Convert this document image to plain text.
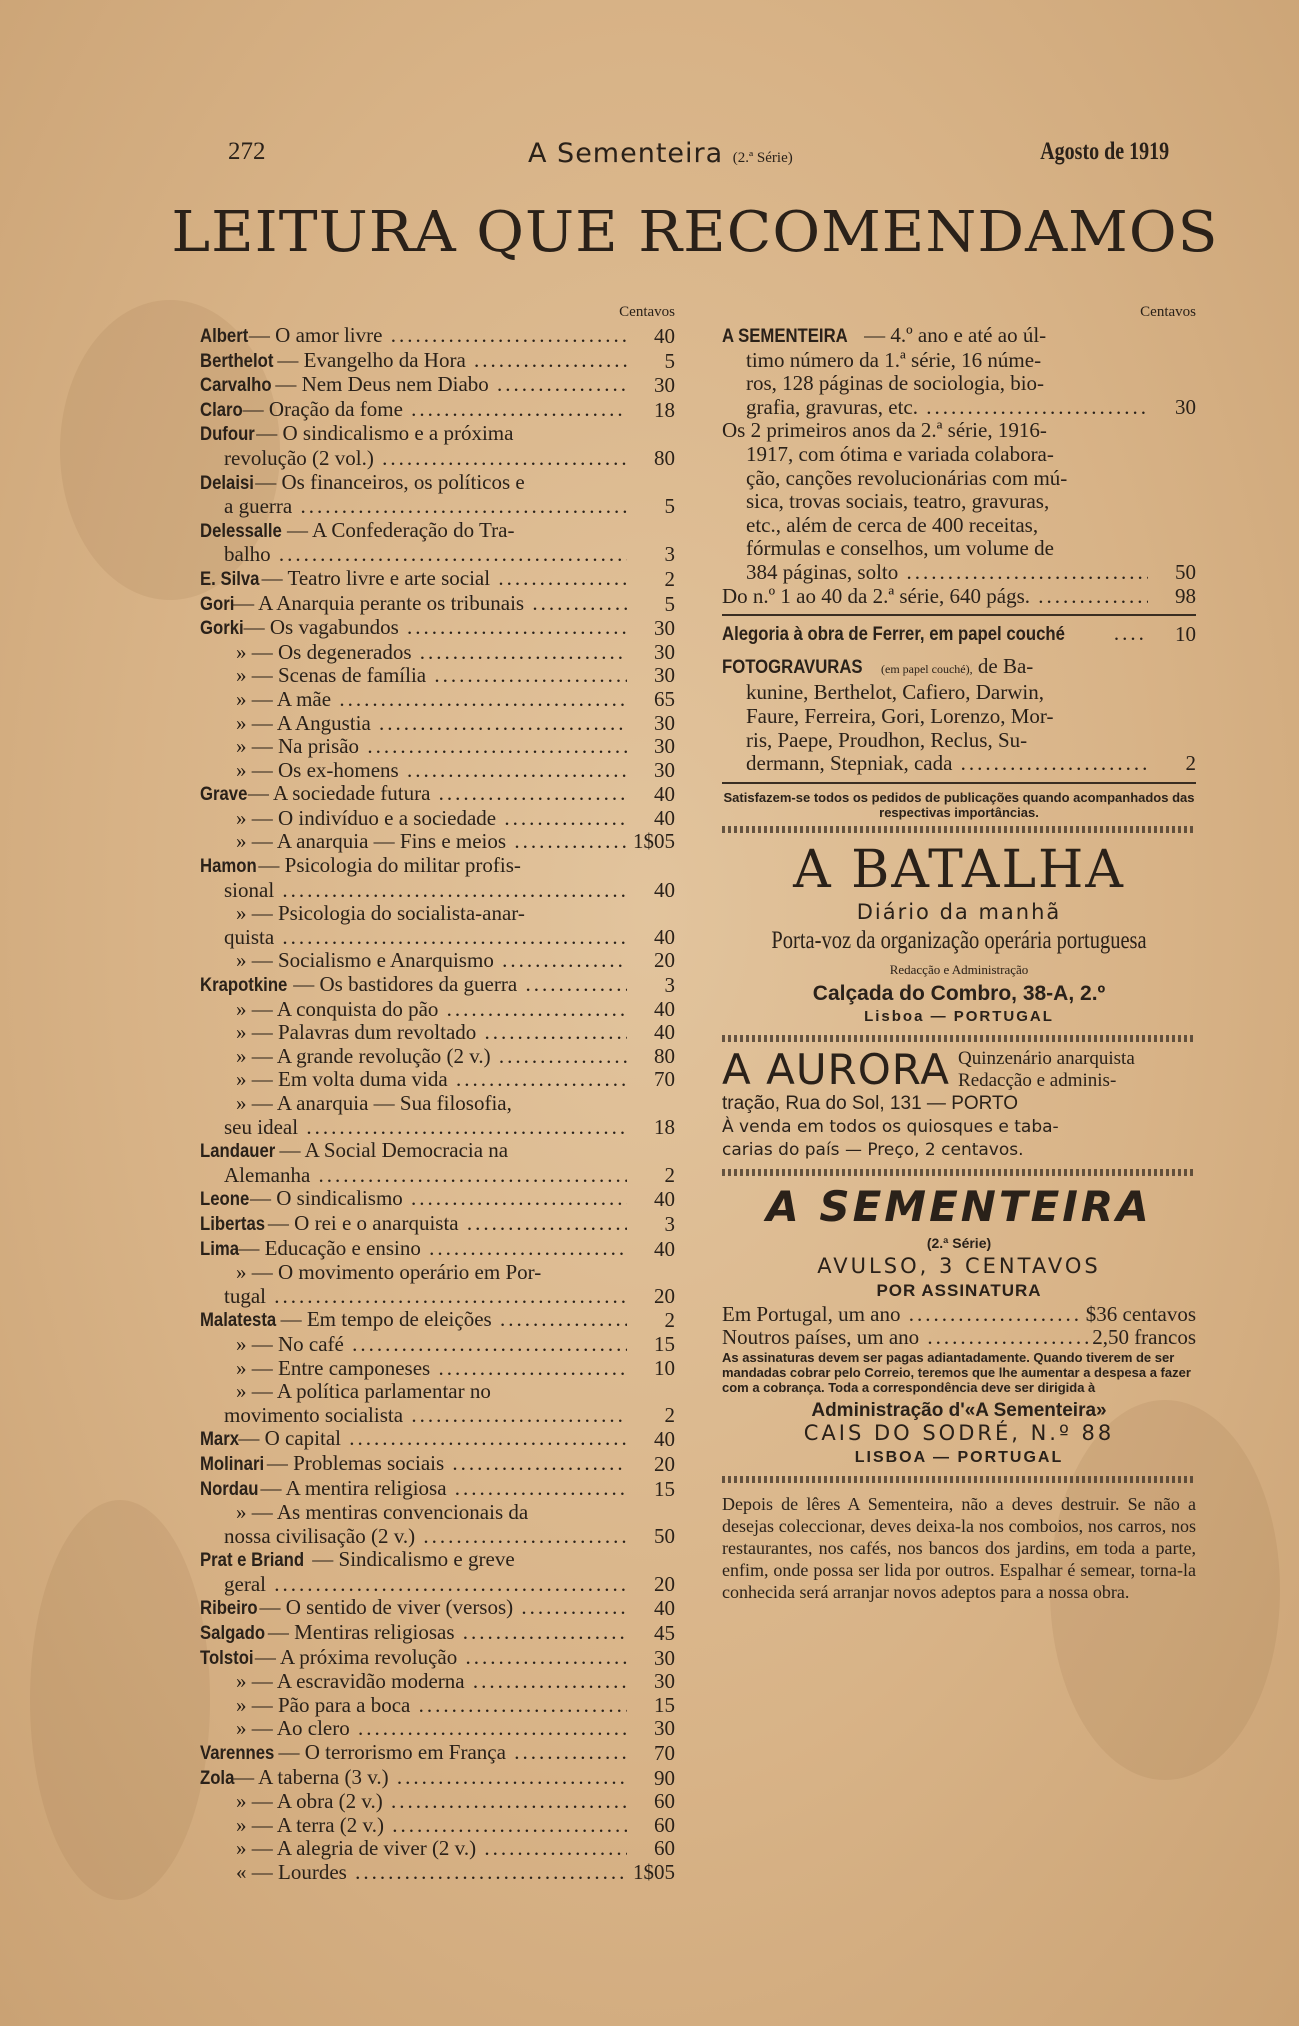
272	A Sementeira (2.ª Série)	Agosto de 1919
LEITURA QUE RECOMENDAMOS
Centavos
Albert— O amor livre .....	40
Berthelot — Evangelho da Hora .....	5
Carvalho — Nem Deus nem Diabo .....	30
Claro— Oração da fome .....	18
Dufour— O sindicalismo e a próxima
revolução (2 vol.) .....	80
Delaisi— Os financeiros, os políticos e
a guerra .....	5
Delessalle — A Confederação do Tra-
balho .....	3
E. Silva — Teatro livre e arte social .....	2
Gori— A Anarquia perante os tribunais .....	5
Gorki— Os vagabundos .....	30
» — Os degenerados .....	30
» — Scenas de família .....	30
» — A mãe .....	65
» — A Angustia .....	30
» — Na prisão .....	30
» — Os ex-homens .....	30
Grave— A sociedade futura .....	40
» — O indivíduo e a sociedade .....	40
» — A anarquia — Fins e meios .....	1$05
Hamon— Psicologia do militar profis-
sional .....	40
» — Psicologia do socialista-anar-
quista .....	40
» — Socialismo e Anarquismo .....	20
Krapotkine — Os bastidores da guerra .....	3
» — A conquista do pão .....	40
» — Palavras dum revoltado .....	40
» — A grande revolução (2 v.) .....	80
» — Em volta duma vida .....	70
» — A anarquia — Sua filosofia,
seu ideal .....	18
Landauer — A Social Democracia na
Alemanha .....	2
Leone— O sindicalismo .....	40
Libertas — O rei e o anarquista .....	3
Lima— Educação e ensino .....	40
» — O movimento operário em Por-
tugal .....	20
Malatesta — Em tempo de eleições .....	2
» — No café .....	15
» — Entre camponeses .....	10
» — A política parlamentar no
movimento socialista .....	2
Marx— O capital .....	40
Molinari — Problemas sociais .....	20
Nordau— A mentira religiosa .....	15
» — As mentiras convencionais da
nossa civilisação (2 v.) .....	50
Prat e Briand — Sindicalismo e greve
geral .....	20
Ribeiro— O sentido de viver (versos) .....	40
Salgado — Mentiras religiosas .....	45
Tolstoi— A próxima revolução .....	30
» — A escravidão moderna .....	30
» — Pão para a boca .....	15
» — Ao clero .....	30
Varennes — O terrorismo em França .....	70
Zola— A taberna (3 v.) .....	90
» — A obra (2 v.) .....	60
» — A terra (2 v.) .....	60
» — A alegria de viver (2 v.) .....	60
« — Lourdes .....	1$05
Centavos
A SEMENTEIRA — 4.º ano e até ao úl-
timo número da 1.ª série, 16 núme-
ros, 128 páginas de sociologia, bio-
grafia, gravuras, etc. .....	30
Os 2 primeiros anos da 2.ª série, 1916-
1917, com ótima e variada colabora-
ção, canções revolucionárias com mú-
sica, trovas sociais, teatro, gravuras,
etc., além de cerca de 400 receitas,
fórmulas e conselhos, um volume de
384 páginas, solto .....	50
Do n.º 1 ao 40 da 2.ª série, 640 págs. .....	98
Alegoria à obra de Ferrer, em papel couché .....	10
FOTOGRAVURAS (em papel couché), de Ba-
kunine, Berthelot, Cafiero, Darwin,
Faure, Ferreira, Gori, Lorenzo, Mor-
ris, Paepe, Proudhon, Reclus, Su-
dermann, Stepniak, cada .....	2
Satisfazem-se todos os pedidos de publicações quando acompanhados das respectivas importâncias.
A BATALHA
Diário da manhã
Porta-voz da organização operária portuguesa
Redacção e Administração
Calçada do Combro, 38-A, 2.º
Lisboa — PORTUGAL
A AURORA Quinzenário anarquista
Redacção e adminis-
tração, Rua do Sol, 131 — PORTO
À venda em todos os quiosques e taba-
carias do país — Preço, 2 centavos.
A SEMENTEIRA
(2.ª Série)
AVULSO, 3 CENTAVOS
POR ASSINATURA
Em Portugal, um ano .....	$36 centavos
Noutros países, um ano .....	2,50 francos
As assinaturas devem ser pagas adiantadamente. Quando tiverem de ser mandadas cobrar pelo Correio, teremos que lhe aumentar a despesa a fazer com a cobrança. Toda a correspondência deve ser dirigida à
Administração d'«A Sementeira»
CAIS DO SODRÉ, N.º 88
LISBOA — PORTUGAL
Depois de lêres A Sementeira, não a deves destruir. Se não a desejas coleccionar, deves deixa-la nos comboios, nos carros, nos restaurantes, nos cafés, nos bancos dos jardins, em toda a parte, enfim, onde possa ser lida por outros. Espalhar é semear, torna-la conhecida será arranjar novos adeptos para a nossa obra.
